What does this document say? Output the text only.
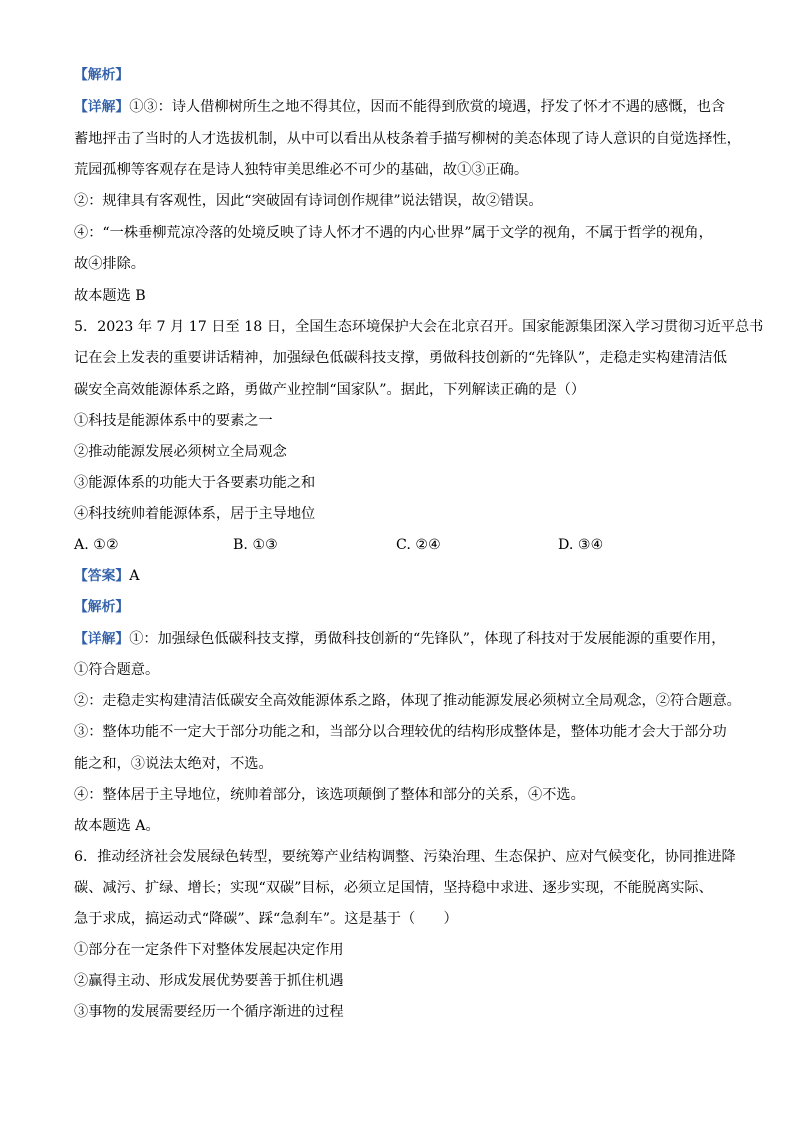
【解析】
【详解】①③：诗人借柳树所生之地不得其位，因而不能得到欣赏的境遇，抒发了怀才不遇的感慨，也含
蓄地抨击了当时的人才选拔机制，从中可以看出从枝条着手描写柳树的美态体现了诗人意识的自觉选择性，
荒园孤柳等客观存在是诗人独特审美思维必不可少的基础，故①③正确。
②：规律具有客观性，因此“突破固有诗词创作规律”说法错误，故②错误。
④：“一株垂柳荒凉冷落的处境反映了诗人怀才不遇的内心世界”属于文学的视角，不属于哲学的视角，
故④排除。
故本题选 B
5．2023 年 7 月 17 日至 18 日，全国生态环境保护大会在北京召开。国家能源集团深入学习贯彻习近平总书
记在会上发表的重要讲话精神，加强绿色低碳科技支撑，勇做科技创新的“先锋队”，走稳走实构建清洁低
碳安全高效能源体系之路，勇做产业控制“国家队”。据此，下列解读正确的是（）
①科技是能源体系中的要素之一
②推动能源发展必须树立全局观念
③能源体系的功能大于各要素功能之和
④科技统帅着能源体系，居于主导地位
A. ①②	B. ①③	C. ②④	D. ③④
【答案】A
【解析】
【详解】①：加强绿色低碳科技支撑，勇做科技创新的“先锋队”，体现了科技对于发展能源的重要作用，
①符合题意。
②：走稳走实构建清洁低碳安全高效能源体系之路，体现了推动能源发展必须树立全局观念，②符合题意。
③：整体功能不一定大于部分功能之和，当部分以合理较优的结构形成整体是，整体功能才会大于部分功
能之和，③说法太绝对，不选。
④：整体居于主导地位，统帅着部分，该选项颠倒了整体和部分的关系，④不选。
故本题选 A。
6．推动经济社会发展绿色转型，要统筹产业结构调整、污染治理、生态保护、应对气候变化，协同推进降
碳、减污、扩绿、增长；实现“双碳”目标，必须立足国情，坚持稳中求进、逐步实现，不能脱离实际、
急于求成，搞运动式“降碳”、踩“急刹车”。这是基于（　　）
①部分在一定条件下对整体发展起决定作用
②赢得主动、形成发展优势要善于抓住机遇
③事物的发展需要经历一个循序渐进的过程
